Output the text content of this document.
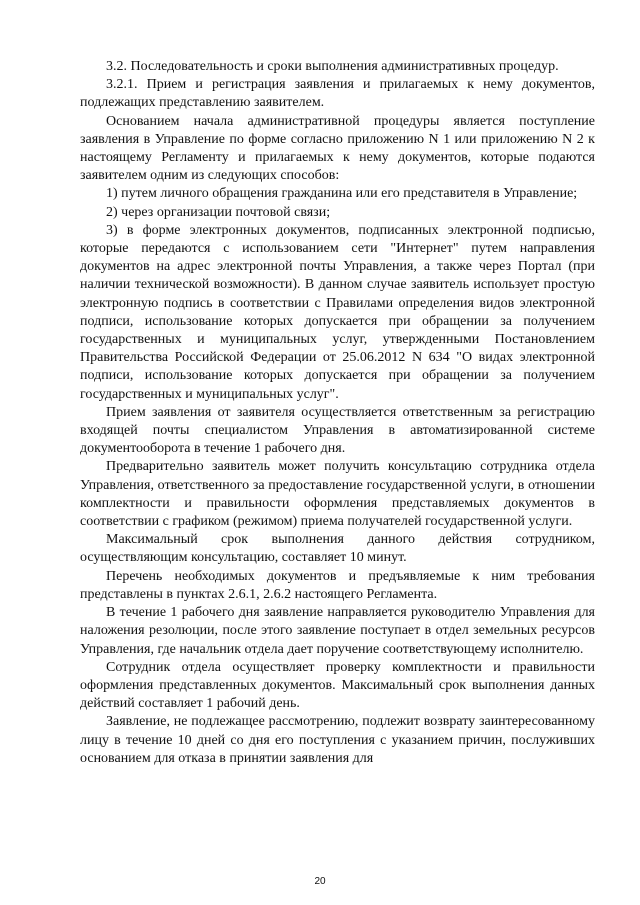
3.2. Последовательность и сроки выполнения административных процедур.

3.2.1. Прием и регистрация заявления и прилагаемых к нему документов, подлежащих представлению заявителем.

Основанием начала административной процедуры является поступление заявления в Управление по форме согласно приложению N 1 или приложению N 2 к настоящему Регламенту и прилагаемых к нему документов, которые подаются заявителем одним из следующих способов:

1) путем личного обращения гражданина или его представителя в Управление;

2) через организации почтовой связи;

3) в форме электронных документов, подписанных электронной подписью, которые передаются с использованием сети "Интернет" путем направления документов на адрес электронной почты Управления, а также через Портал (при наличии технической возможности). В данном случае заявитель использует простую электронную подпись в соответствии с Правилами определения видов электронной подписи, использование которых допускается при обращении за получением государственных и муниципальных услуг, утвержденными Постановлением Правительства Российской Федерации от 25.06.2012 N 634 "О видах электронной подписи, использование которых допускается при обращении за получением государственных и муниципальных услуг".

Прием заявления от заявителя осуществляется ответственным за регистрацию входящей почты специалистом Управления в автоматизированной системе документооборота в течение 1 рабочего дня.

Предварительно заявитель может получить консультацию сотрудника отдела Управления, ответственного за предоставление государственной услуги, в отношении комплектности и правильности оформления представляемых документов в соответствии с графиком (режимом) приема получателей государственной услуги.

Максимальный срок выполнения данного действия сотрудником, осуществляющим консультацию, составляет 10 минут.

Перечень необходимых документов и предъявляемые к ним требования представлены в пунктах 2.6.1, 2.6.2 настоящего Регламента.

В течение 1 рабочего дня заявление направляется руководителю Управления для наложения резолюции, после этого заявление поступает в отдел земельных ресурсов Управления, где начальник отдела дает поручение соответствующему исполнителю.

Сотрудник отдела осуществляет проверку комплектности и правильности оформления представленных документов. Максимальный срок выполнения данных действий составляет 1 рабочий день.

Заявление, не подлежащее рассмотрению, подлежит возврату заинтересованному лицу в течение 10 дней со дня его поступления с указанием причин, послуживших основанием для отказа в принятии заявления для

20
